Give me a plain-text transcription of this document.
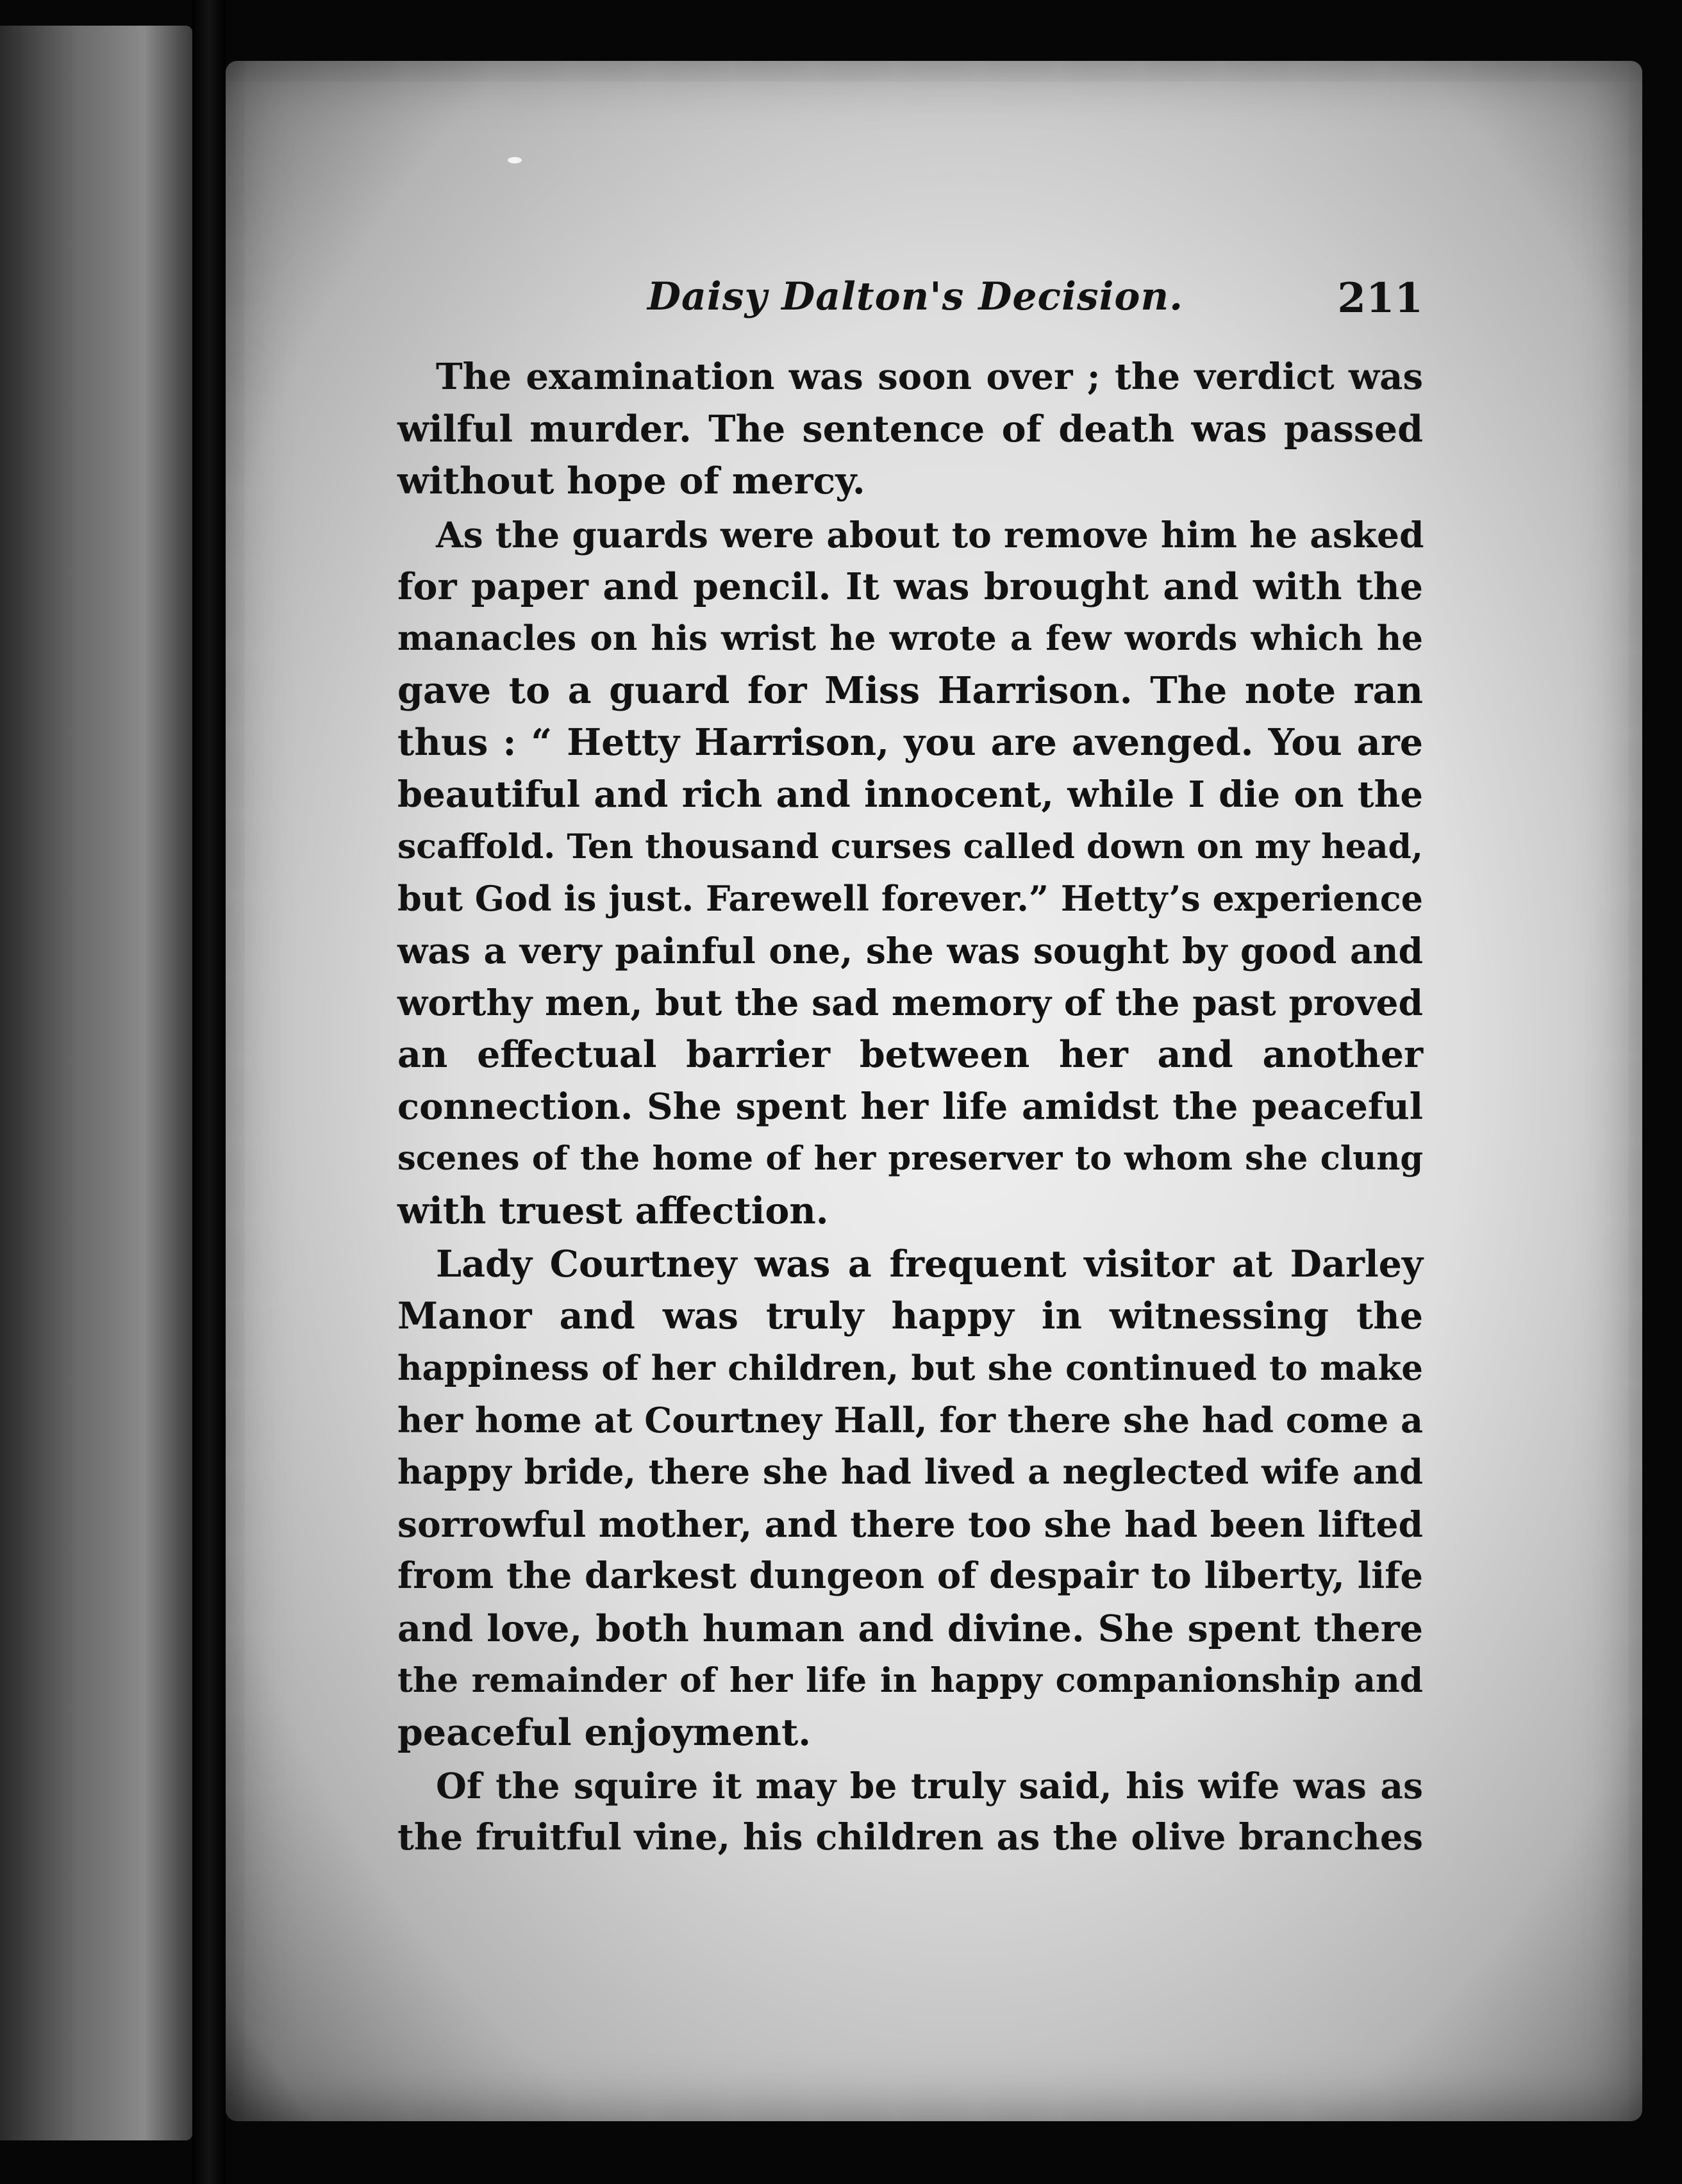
Daisy Dalton's Decision.	211
The examination was soon over ; the verdict was
wilful murder. The sentence of death was passed
without hope of mercy.
As the guards were about to remove him he asked
for paper and pencil. It was brought and with the
manacles on his wrist he wrote a few words which he
gave to a guard for Miss Harrison. The note ran
thus : “ Hetty Harrison, you are avenged. You are
beautiful and rich and innocent, while I die on the
scaffold. Ten thousand curses called down on my head,
but God is just. Farewell forever.” Hetty’s experience
was a very painful one, she was sought by good and
worthy men, but the sad memory of the past proved
an effectual barrier between her and another
connection. She spent her life amidst the peaceful
scenes of the home of her preserver to whom she clung
with truest affection.
Lady Courtney was a frequent visitor at Darley
Manor and was truly happy in witnessing the
happiness of her children, but she continued to make
her home at Courtney Hall, for there she had come a
happy bride, there she had lived a neglected wife and
sorrowful mother, and there too she had been lifted
from the darkest dungeon of despair to liberty, life
and love, both human and divine. She spent there
the remainder of her life in happy companionship and
peaceful enjoyment.
Of the squire it may be truly said, his wife was as
the fruitful vine, his children as the olive branches
